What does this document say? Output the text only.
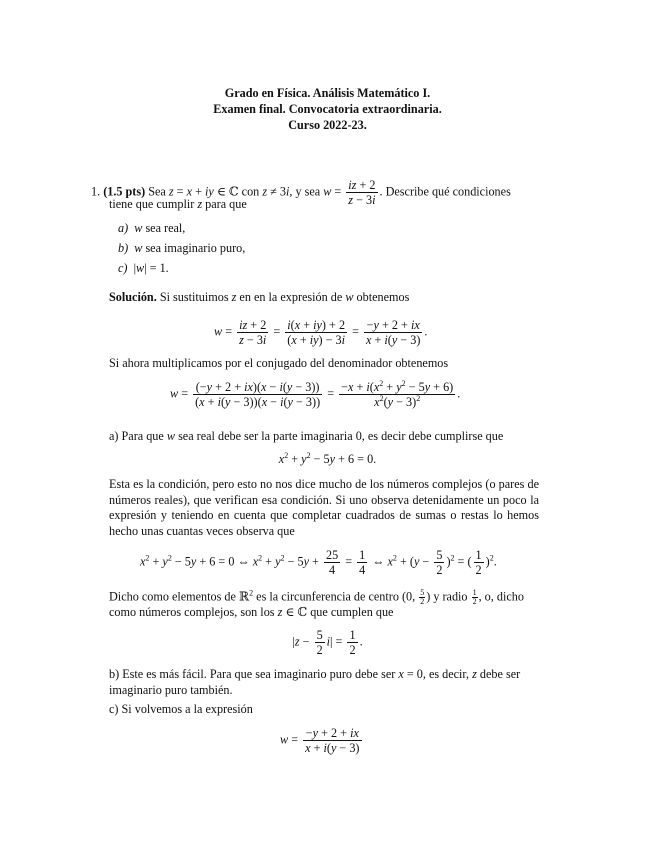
Grado en Física. Análisis Matemático I.
Examen final. Convocatoria extraordinaria.
Curso 2022-23.
1. (1.5 pts) Sea z = x + iy ∈ ℂ con z ≠ 3i, y sea $w = \frac{iz + 2}{z - 3i}$ . Describe qué condiciones
tiene que cumplir z para que
a) w sea real,
b) w sea imaginario puro,
c)  |w| = 1.
Solución. Si sustituimos z en en la expresión de w obtenemos
$w = \frac{iz + 2}{z - 3i} = \frac{i(x + iy) + 2}{(x + iy) - 3i} = \frac{-y + 2 + ix}{x + i(y - 3)}$ .
Si ahora multiplicamos por el conjugado del denominador obtenemos
$w = \frac{(-y + 2 + ix)(x - i(y - 3))}{(x + i(y - 3))(x - i(y - 3))} = \frac{-x + i(x^2 + y^2 - 5y + 6)}{x^2(y - 3)^2}$ .
a) Para que w sea real debe ser la parte imaginaria 0, es decir debe cumplirse que
$x^2 + y^2 - 5y + 6 = 0$.
Esta es la condición, pero esto no nos dice mucho de los números complejos (o pares de números reales), que verifican esa condición. Si uno observa detenidamente un poco la expresión y teniendo en cuenta que completar cuadrados de sumas o restas lo hemos hecho unas cuantas veces observa que
$x^2 + y^2 - 5y + 6 = 0$ ⇔ $x^2 + y^2 - 5y + \frac{25}{4} = \frac{1}{4}$ ⇔ $x^2 + (y - \frac{5}{2} )^2$ = ( $\frac{1}{2} )^2$.
Dicho como elementos de ℝ$^2$ es la circunferencia de centro (0, $\frac{5}{2}$ ) y radio $\frac{1}{2}$ , o, dicho
como números complejos, son los z ∈ ℂ que cumplen que
$|z - \frac{5}{2} i| = \frac{1}{2}$ .
b) Este es más fácil. Para que sea imaginario puro debe ser x = 0, es decir, z debe ser
imaginario puro también.
c) Si volvemos a la expresión
$w = \frac{-y + 2 + ix}{x + i(y - 3)}$
